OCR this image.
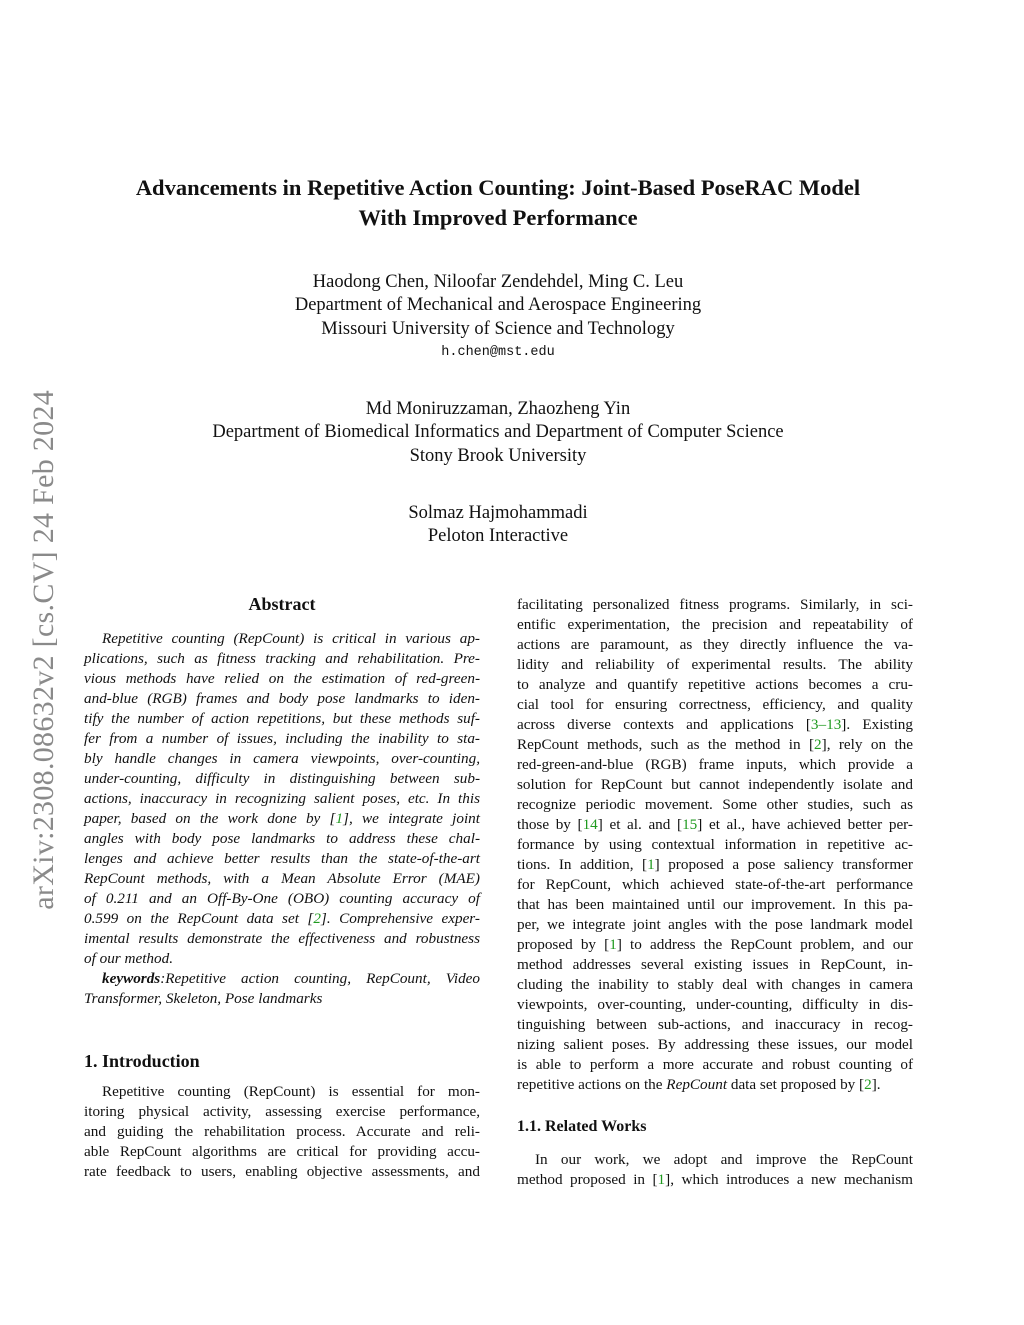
arXiv:2308.08632v2 [cs.CV] 24 Feb 2024
Advancements in Repetitive Action Counting: Joint-Based PoseRAC Model
With Improved Performance
Haodong Chen, Niloofar Zendehdel, Ming C. Leu
Department of Mechanical and Aerospace Engineering
Missouri University of Science and Technology
h.chen@mst.edu
Md Moniruzzaman, Zhaozheng Yin
Department of Biomedical Informatics and Department of Computer Science
Stony Brook University
Solmaz Hajmohammadi
Peloton Interactive
Abstract
Repetitive counting (RepCount) is critical in various ap-
plications, such as fitness tracking and rehabilitation. Pre-
vious methods have relied on the estimation of red-green-
and-blue (RGB) frames and body pose landmarks to iden-
tify the number of action repetitions, but these methods suf-
fer from a number of issues, including the inability to sta-
bly handle changes in camera viewpoints, over-counting,
under-counting, difficulty in distinguishing between sub-
actions, inaccuracy in recognizing salient poses, etc. In this
paper, based on the work done by [1], we integrate joint
angles with body pose landmarks to address these chal-
lenges and achieve better results than the state-of-the-art
RepCount methods, with a Mean Absolute Error (MAE)
of 0.211 and an Off-By-One (OBO) counting accuracy of
0.599 on the RepCount data set [2]. Comprehensive exper-
imental results demonstrate the effectiveness and robustness
of our method.
keywords:Repetitive action counting, RepCount, Video
Transformer, Skeleton, Pose landmarks
1. Introduction
Repetitive counting (RepCount) is essential for mon-
itoring physical activity, assessing exercise performance,
and guiding the rehabilitation process. Accurate and reli-
able RepCount algorithms are critical for providing accu-
rate feedback to users, enabling objective assessments, and
facilitating personalized fitness programs. Similarly, in sci-
entific experimentation, the precision and repeatability of
actions are paramount, as they directly influence the va-
lidity and reliability of experimental results. The ability
to analyze and quantify repetitive actions becomes a cru-
cial tool for ensuring correctness, efficiency, and quality
across diverse contexts and applications [3–13]. Existing
RepCount methods, such as the method in [2], rely on the
red-green-and-blue (RGB) frame inputs, which provide a
solution for RepCount but cannot independently isolate and
recognize periodic movement. Some other studies, such as
those by [14] et al. and [15] et al., have achieved better per-
formance by using contextual information in repetitive ac-
tions. In addition, [1] proposed a pose saliency transformer
for RepCount, which achieved state-of-the-art performance
that has been maintained until our improvement. In this pa-
per, we integrate joint angles with the pose landmark model
proposed by [1] to address the RepCount problem, and our
method addresses several existing issues in RepCount, in-
cluding the inability to stably deal with changes in camera
viewpoints, over-counting, under-counting, difficulty in dis-
tinguishing between sub-actions, and inaccuracy in recog-
nizing salient poses. By addressing these issues, our model
is able to perform a more accurate and robust counting of
repetitive actions on the RepCount data set proposed by [2].
1.1. Related Works
In our work, we adopt and improve the RepCount
method proposed in [1], which introduces a new mechanism
